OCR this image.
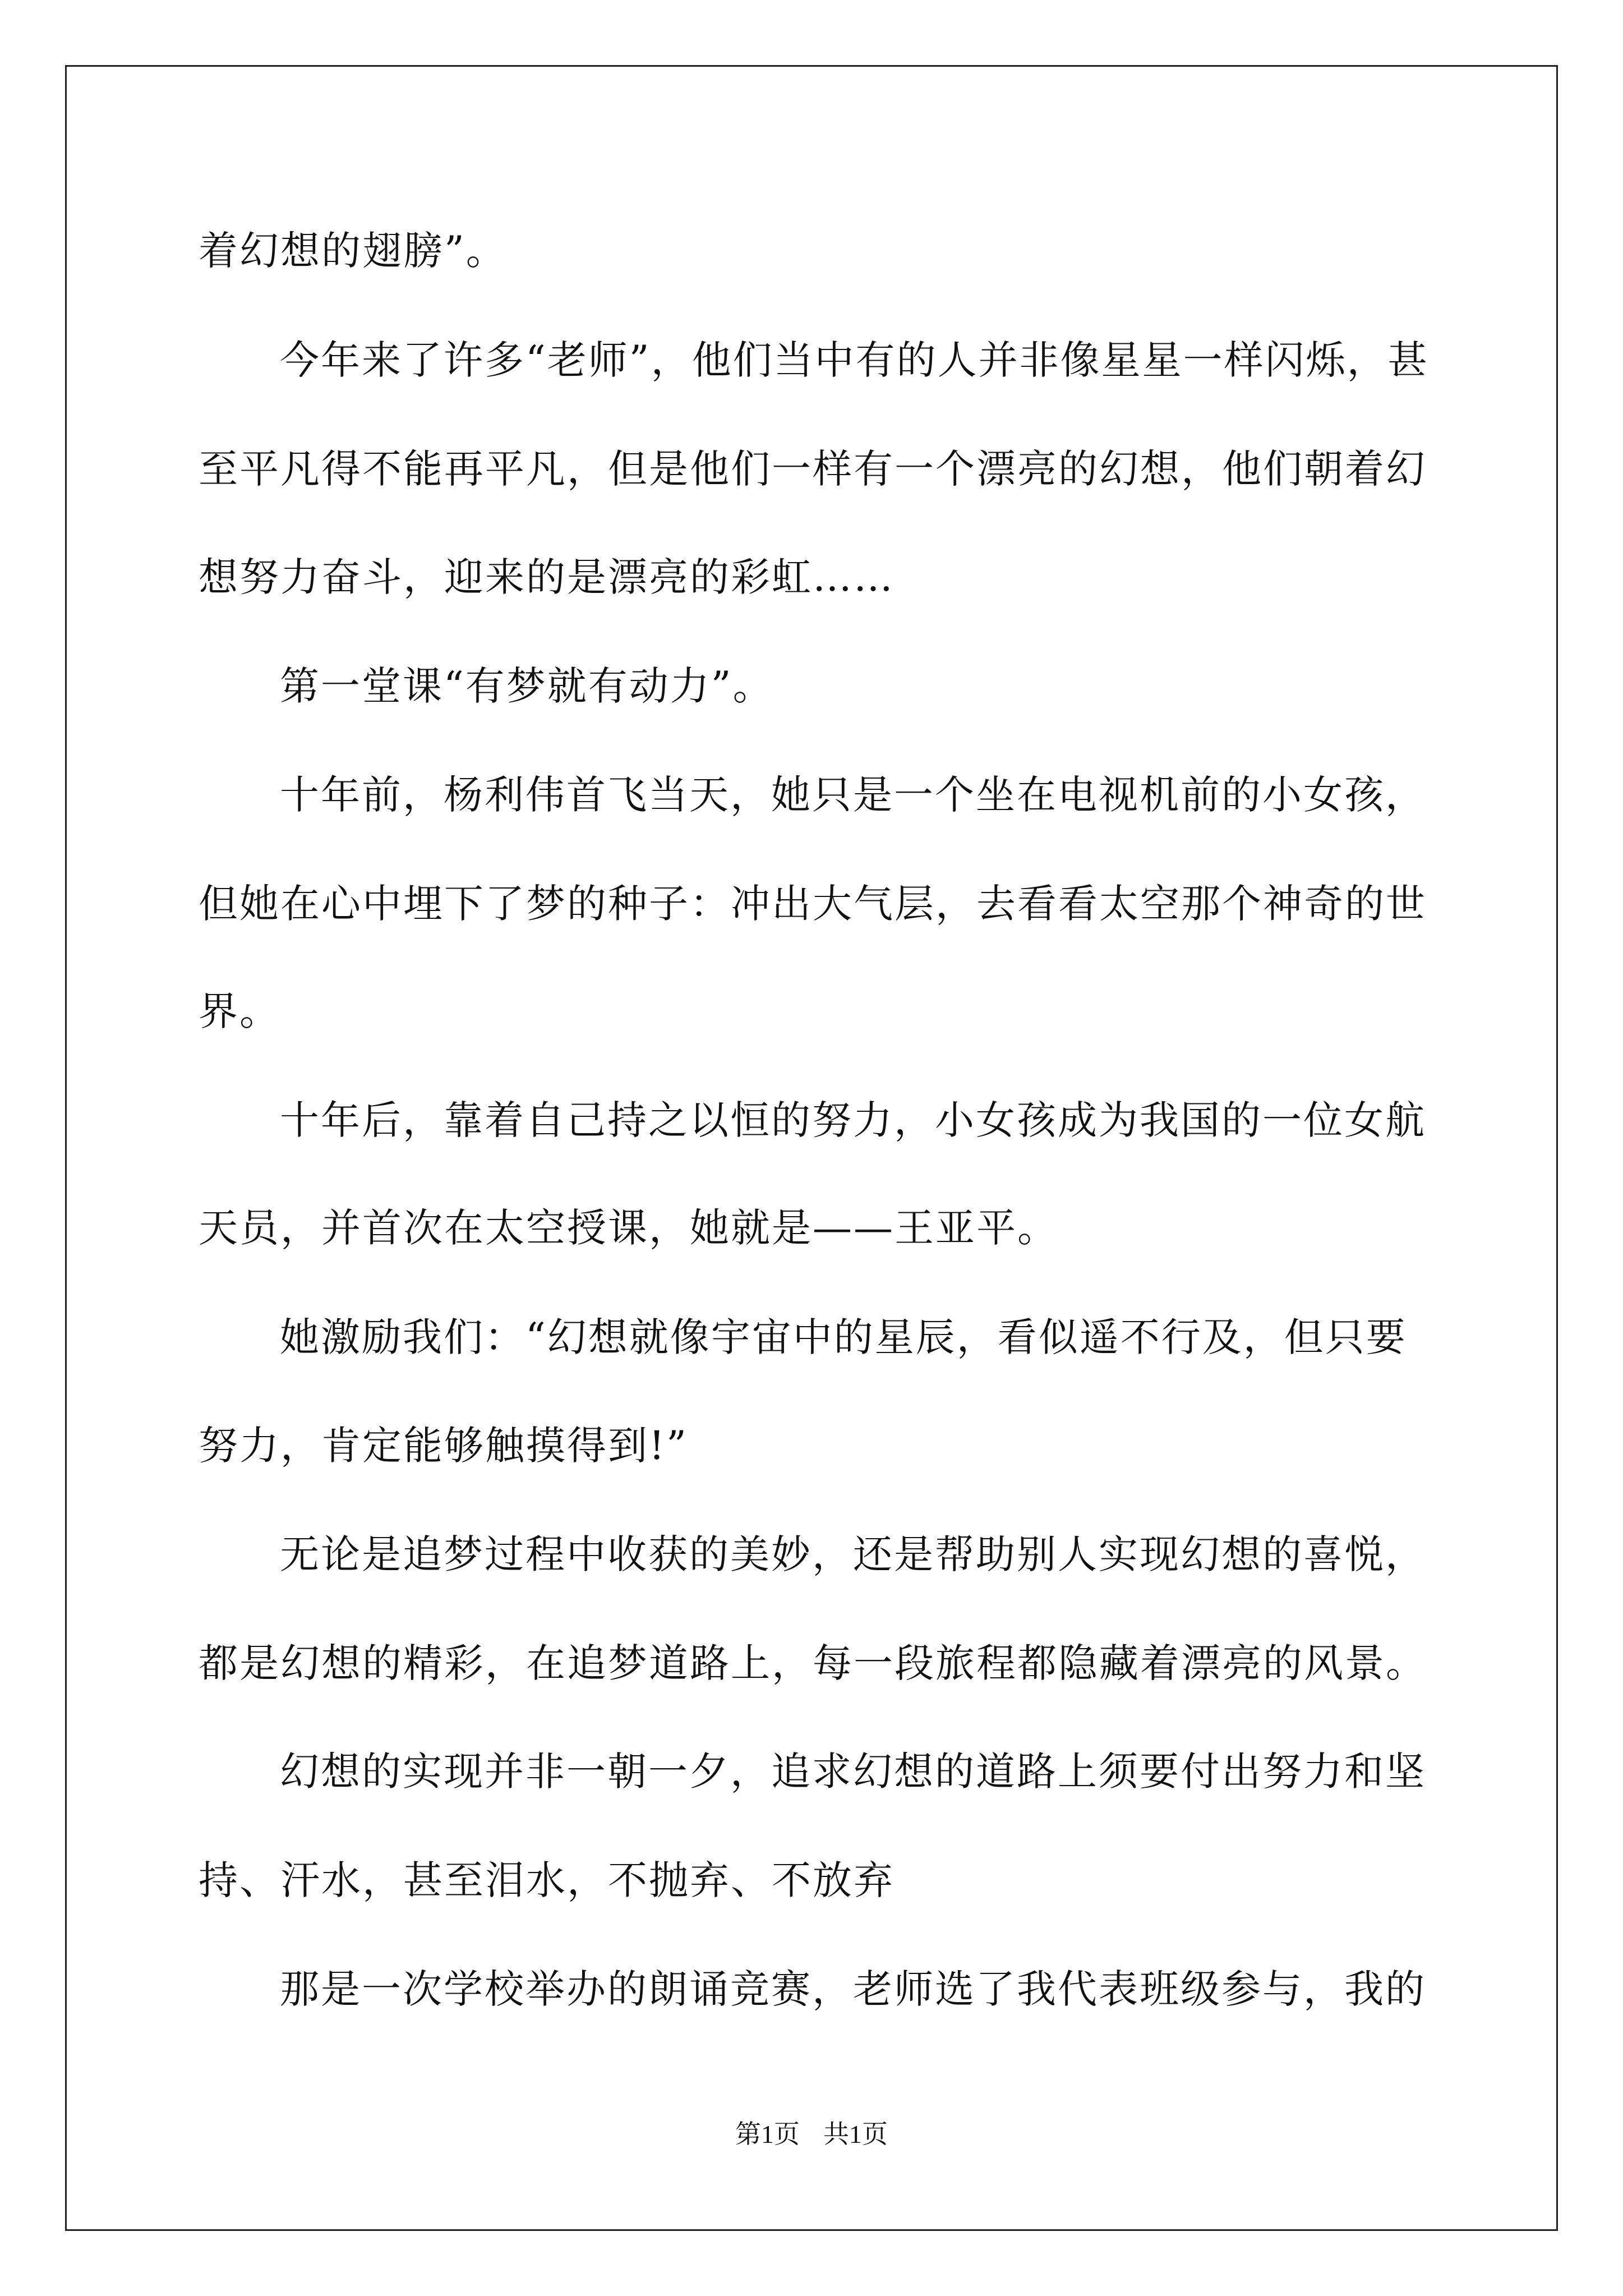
着幻想的翅膀”。
今年来了许多“老师”，他们当中有的人并非像星星一样闪烁，甚
至平凡得不能再平凡，但是他们一样有一个漂亮的幻想，他们朝着幻
想努力奋斗，迎来的是漂亮的彩虹……
第一堂课“有梦就有动力”。
十年前，杨利伟首飞当天，她只是一个坐在电视机前的小女孩，
但她在心中埋下了梦的种子：冲出大气层，去看看太空那个神奇的世
界。
十年后，靠着自己持之以恒的努力，小女孩成为我国的一位女航
天员，并首次在太空授课，她就是——王亚平。
她激励我们：“幻想就像宇宙中的星辰，看似遥不行及，但只要
努力，肯定能够触摸得到!”
无论是追梦过程中收获的美妙，还是帮助别人实现幻想的喜悦，
都是幻想的精彩，在追梦道路上，每一段旅程都隐藏着漂亮的风景。
幻想的实现并非一朝一夕，追求幻想的道路上须要付出努力和坚
持、汗水，甚至泪水，不抛弃、不放弃
那是一次学校举办的朗诵竞赛，老师选了我代表班级参与，我的
第1页 共1页
